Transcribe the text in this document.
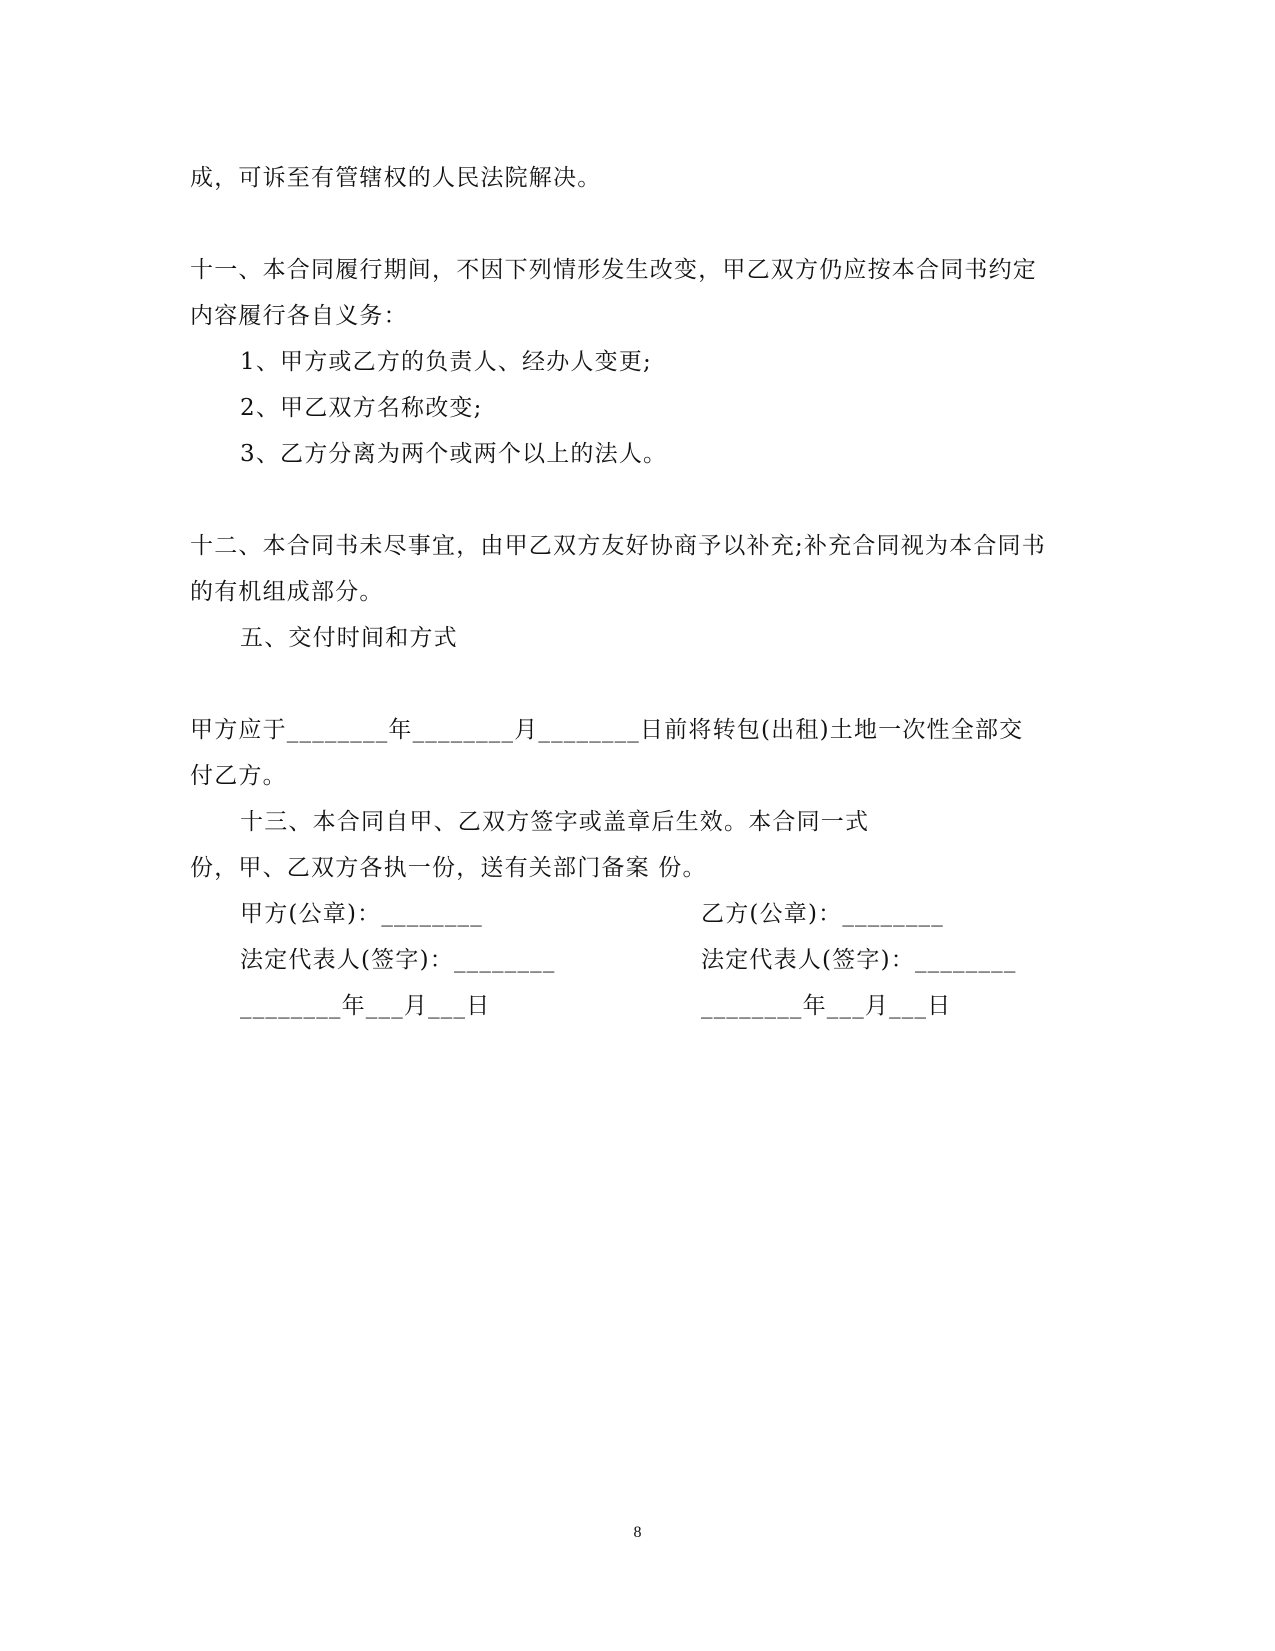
成，可诉至有管辖权的人民法院解决。
十一、本合同履行期间，不因下列情形发生改变，甲乙双方仍应按本合同书约定
内容履行各自义务：
1、甲方或乙方的负责人、经办人变更;
2、甲乙双方名称改变;
3、乙方分离为两个或两个以上的法人。
十二、本合同书未尽事宜，由甲乙双方友好协商予以补充;补充合同视为本合同书
的有机组成部分。
五、交付时间和方式
甲方应于________年________月________日前将转包(出租)土地一次性全部交
付乙方。
十三、本合同自甲、乙双方签字或盖章后生效。本合同一式
份，甲、乙双方各执一份，送有关部门备案 份。
甲方(公章)：________	乙方(公章)：________
法定代表人(签字)：________	法定代表人(签字)：________
________年___月___日	________年___月___日
8
